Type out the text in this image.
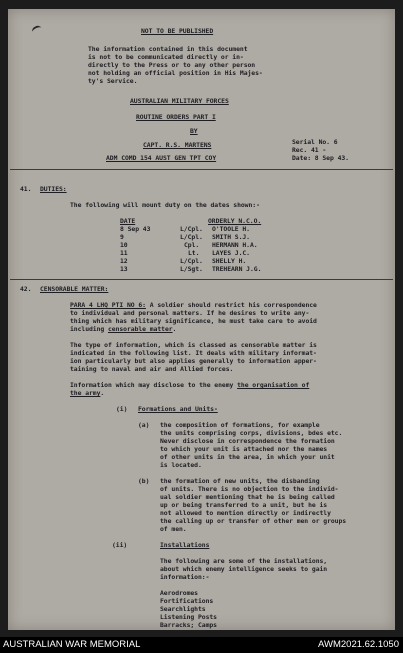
NOT TO BE PUBLISHED

The information contained in this document

is not to be communicated directly or in-

directly to the Press or to any other person

not holding an official position in His Majes-

ty's Service.

AUSTRALIAN MILITARY FORCES

ROUTINE ORDERS PART I

BY

CAPT. R.S. MARTENS

ADM COMD 154 AUST GEN TPT COY

Serial No. 6

Rec. 41 -

Date: 8 Sep 43.

41. DUTIES:

The following will mount duty on the dates shown:-

DATE	ORDERLY N.C.O.

8 Sep 43	L/Cpl. O'TOOLE H.

9	L/Cpl. SMITH S.J.

10	Cpl. HERMANN H.A.

11	Lt. LAYES J.C.

12	L/Cpl. SHELLY H.

13	L/Sgt. TREHEARN J.G.

42. CENSORABLE MATTER:

PARA 4 LHQ PTI NO 6: A soldier should restrict his correspondence

to individual and personal matters. If he desires to write any-

thing which has military significance, he must take care to avoid

including censorable matter.

The type of information, which is classed as censorable matter is

indicated in the following list. It deals with military informat-

ion particularly but also applies generally to information apper-

taining to naval and air and Allied forces.

Information which may disclose to the enemy the organisation of

the army.

(i) Formations and Units-

(a) the composition of formations, for example

the units comprising corps, divisions, bdes etc.

Never disclose in correspondence the formation

to which your unit is attached nor the names

of other units in the area, in which your unit

is located.

(b) the formation of new units, the disbanding

of units. There is no objection to the individ-

ual soldier mentioning that he is being called

up or being transferred to a unit, but he is

not allowed to mention directly or indirectly

the calling up or transfer of other men or groups

of men.

(ii)	Installations

The following are some of the installations,

about which enemy intelligence seeks to gain

information:-

Aerodromes

Fortifications

Searchlights

Listening Posts

Barracks; Camps

AUSTRALIAN WAR MEMORIAL	AWM2021.62.1050
